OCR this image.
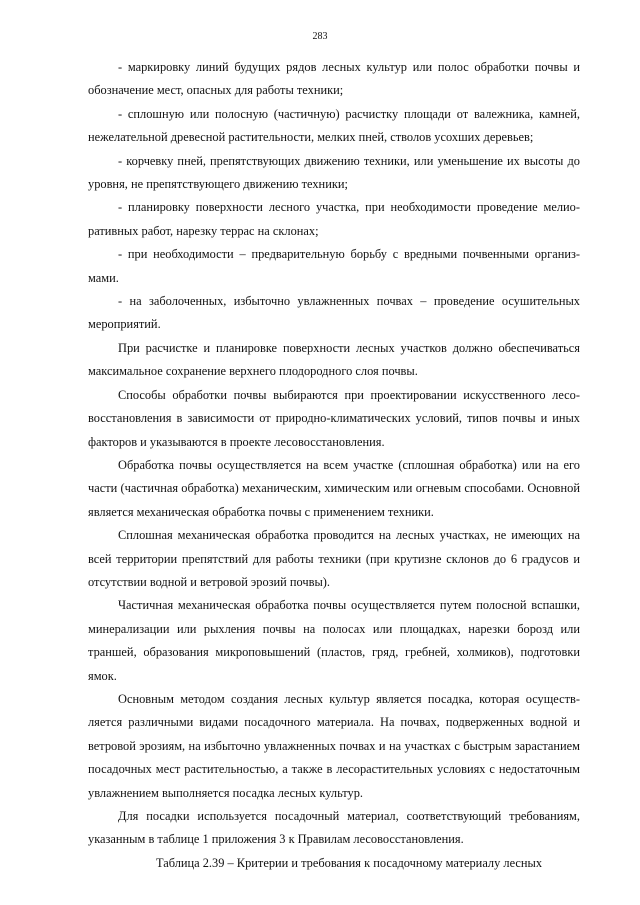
283

- маркировку линий будущих рядов лесных культур или полос обработки почвы и обозначение мест, опасных для работы техники;

- сплошную или полосную (частичную) расчистку площади от валежника, камней, нежелательной древесной растительности, мелких пней, стволов усохших деревьев;

- корчевку пней, препятствующих движению техники, или уменьшение их высоты до уровня, не препятствующего движению техники;

- планировку поверхности лесного участка, при необходимости проведение мелиоративных работ, нарезку террас на склонах;

- при необходимости – предварительную борьбу с вредными почвенными организмами.

- на заболоченных, избыточно увлажненных почвах – проведение осушительных мероприятий.

При расчистке и планировке поверхности лесных участков должно обеспечиваться максимальное сохранение верхнего плодородного слоя почвы.

Способы обработки почвы выбираются при проектировании искусственного лесовосстановления в зависимости от природно-климатических условий, типов почвы и иных факторов и указываются в проекте лесовосстановления.

Обработка почвы осуществляется на всем участке (сплошная обработка) или на его части (частичная обработка) механическим, химическим или огневым способами. Основной является механическая обработка почвы с применением техники.

Сплошная механическая обработка проводится на лесных участках, не имеющих на всей территории препятствий для работы техники (при крутизне склонов до 6 градусов и отсутствии водной и ветровой эрозий почвы).

Частичная механическая обработка почвы осуществляется путем полосной вспашки, минерализации или рыхления почвы на полосах или площадках, нарезки борозд или траншей, образования микроповышений (пластов, гряд, гребней, холмиков), подготовки ямок.

Основным методом создания лесных культур является посадка, которая осуществляется различными видами посадочного материала. На почвах, подверженных водной и ветровой эрозиям, на избыточно увлажненных почвах и на участках с быстрым зарастанием посадочных мест растительностью, а также в лесорастительных условиях с недостаточным увлажнением выполняется посадка лесных культур.

Для посадки используется посадочный материал, соответствующий требованиям, указанным в таблице 1 приложения 3 к Правилам лесовосстановления.

Таблица 2.39 – Критерии и требования к посадочному материалу лесных
